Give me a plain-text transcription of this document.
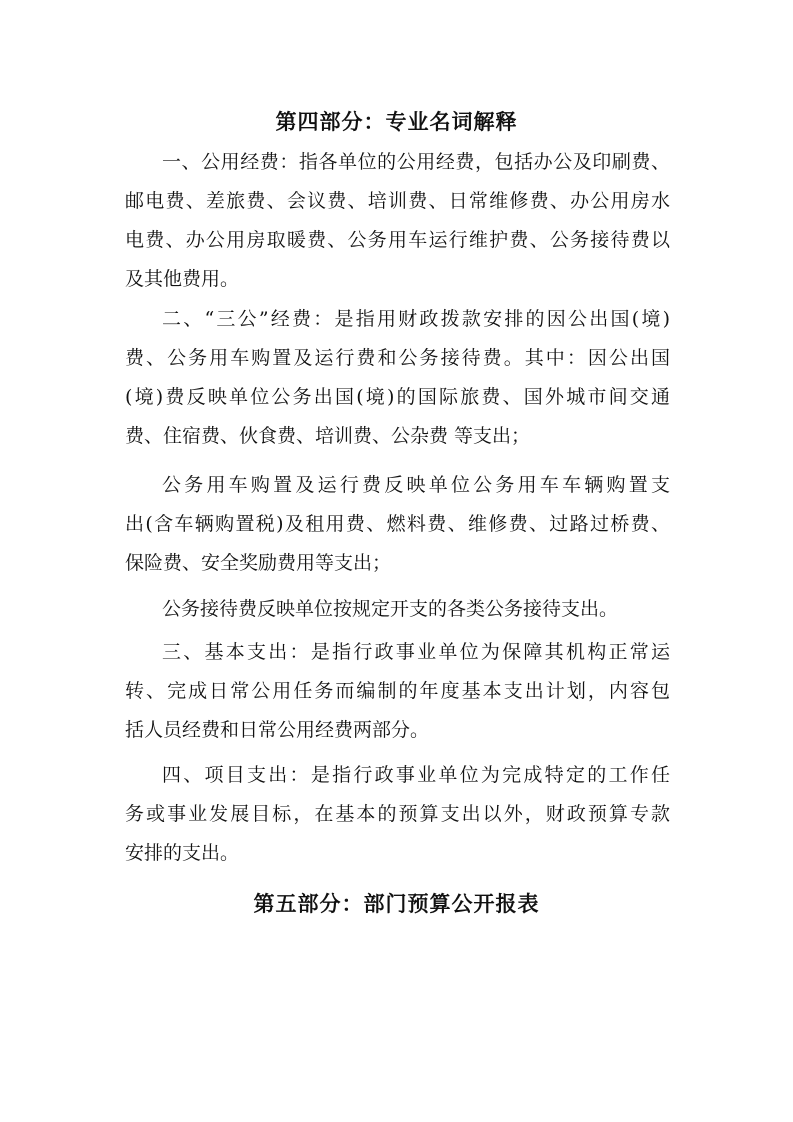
第四部分：专业名词解释
一、公用经费：指各单位的公用经费，包括办公及印刷费、
邮电费、差旅费、会议费、培训费、日常维修费、办公用房水
电费、办公用房取暖费、公务用车运行维护费、公务接待费以
及其他费用。
二、“三公”经费：是指用财政拨款安排的因公出国(境)
费、公务用车购置及运行费和公务接待费。其中：因公出国
(境)费反映单位公务出国(境)的国际旅费、国外城市间交通
费、住宿费、伙食费、培训费、公杂费 等支出；
公务用车购置及运行费反映单位公务用车车辆购置支
出(含车辆购置税)及租用费、燃料费、维修费、过路过桥费、
保险费、安全奖励费用等支出；
公务接待费反映单位按规定开支的各类公务接待支出。
三、基本支出：是指行政事业单位为保障其机构正常运
转、完成日常公用任务而编制的年度基本支出计划，内容包
括人员经费和日常公用经费两部分。
四、项目支出：是指行政事业单位为完成特定的工作任
务或事业发展目标，在基本的预算支出以外，财政预算专款
安排的支出。
第五部分：部门预算公开报表
